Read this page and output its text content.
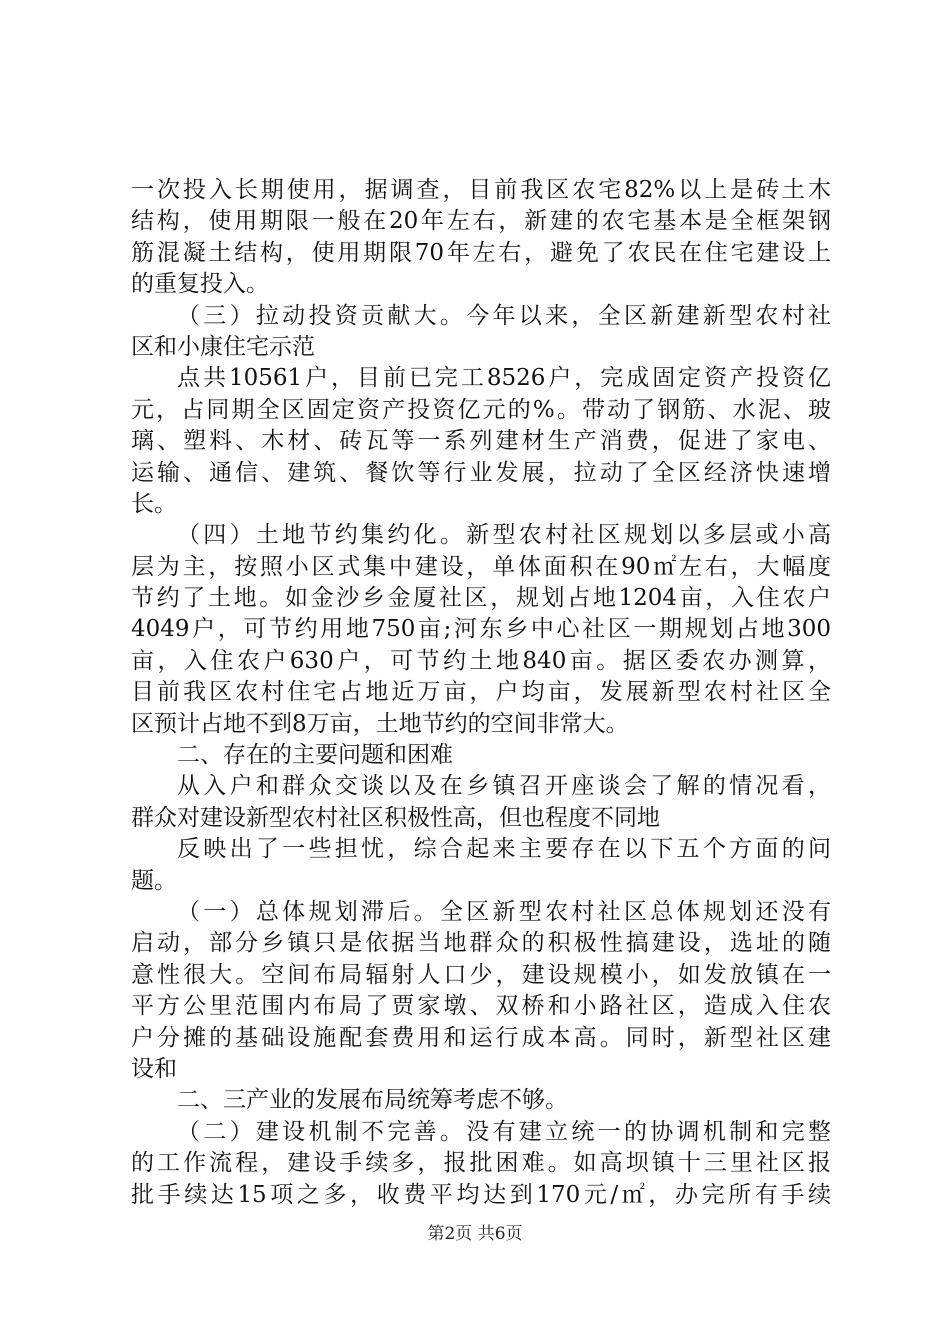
一次投入长期使用，据调查，目前我区农宅82%以上是砖土木
结构，使用期限一般在20年左右，新建的农宅基本是全框架钢
筋混凝土结构，使用期限70年左右，避免了农民在住宅建设上
的重复投入。
（三）拉动投资贡献大。今年以来，全区新建新型农村社
区和小康住宅示范
点共10561户，目前已完工8526户，完成固定资产投资亿
元，占同期全区固定资产投资亿元的%。带动了钢筋、水泥、玻
璃、塑料、木材、砖瓦等一系列建材生产消费，促进了家电、
运输、通信、建筑、餐饮等行业发展，拉动了全区经济快速增
长。
（四）土地节约集约化。新型农村社区规划以多层或小高
层为主，按照小区式集中建设，单体面积在90㎡左右，大幅度
节约了土地。如金沙乡金厦社区，规划占地1204亩，入住农户
4049户，可节约用地750亩;河东乡中心社区一期规划占地300
亩，入住农户630户，可节约土地840亩。据区委农办测算，
目前我区农村住宅占地近万亩，户均亩，发展新型农村社区全
区预计占地不到8万亩，土地节约的空间非常大。
二、存在的主要问题和困难
从入户和群众交谈以及在乡镇召开座谈会了解的情况看，
群众对建设新型农村社区积极性高，但也程度不同地
反映出了一些担忧，综合起来主要存在以下五个方面的问
题。
（一）总体规划滞后。全区新型农村社区总体规划还没有
启动，部分乡镇只是依据当地群众的积极性搞建设，选址的随
意性很大。空间布局辐射人口少，建设规模小，如发放镇在一
平方公里范围内布局了贾家墩、双桥和小路社区，造成入住农
户分摊的基础设施配套费用和运行成本高。同时，新型社区建
设和
二、三产业的发展布局统筹考虑不够。
（二）建设机制不完善。没有建立统一的协调机制和完整
的工作流程，建设手续多，报批困难。如高坝镇十三里社区报
批手续达15项之多，收费平均达到170元/㎡，办完所有手续
第2页 共6页
